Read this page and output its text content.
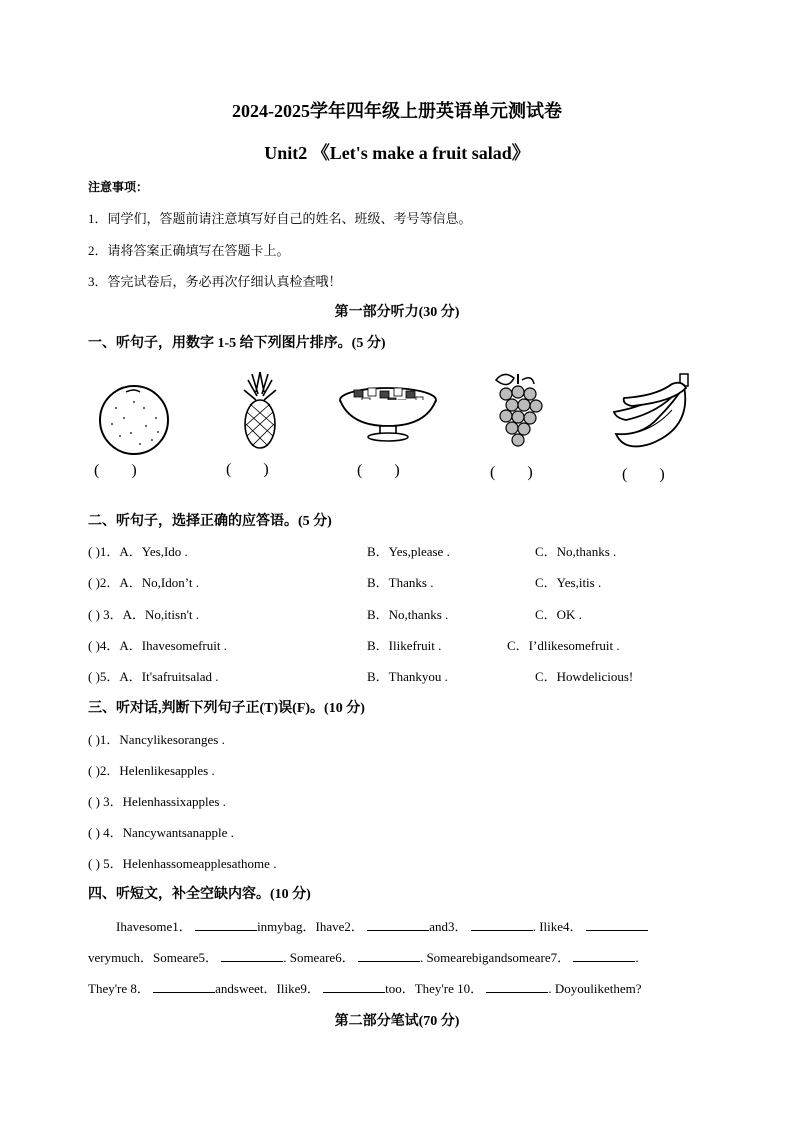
2024-2025学年四年级上册英语单元测试卷
Unit2 《Let's make a fruit salad》
注意事项：
1．同学们，答题前请注意填写好自己的姓名、班级、考号等信息。
2．请将答案正确填写在答题卡上。
3．答完试卷后，务必再次仔细认真检查哦！
第一部分听力(30 分)
一、听句子，用数字 1-5 给下列图片排序。(5 分)
(        )	(        )	(        )	(        )	(        )
二、听句子，选择正确的应答语。(5 分)
( )1．A．Yes,Ido .	B．Yes,please .	C．No,thanks .
( )2．A．No,Idon’t .	B．Thanks .	C．Yes,itis .
( ) 3．A．No,itisn't .	B．No,thanks .	C．OK .
( )4．A．Ihavesomefruit .	B．Ilikefruit .	C．I’dlikesomefruit .
( )5．A．It'safruitsalad .	B．Thankyou .	C．Howdelicious!
三、听对话,判断下列句子正(T)误(F)。(10 分)
( )1．Nancylikesoranges .
( )2．Helenlikesapples .
( ) 3．Helenhassixapples .
( ) 4．Nancywantsanapple .
( ) 5．Helenhassomeapplesathome .
四、听短文，补全空缺内容。(10 分)
Ihavesome1．	inmybag．Ihave2．	and3．	. Ilike4．
verymuch．Someare5．	. Someare6．	. Somearebigandsomeare7．	.
They're 8．	andsweet．Ilike9．	too．They're 10．	. Doyoulikethem?
第二部分笔试(70 分)
